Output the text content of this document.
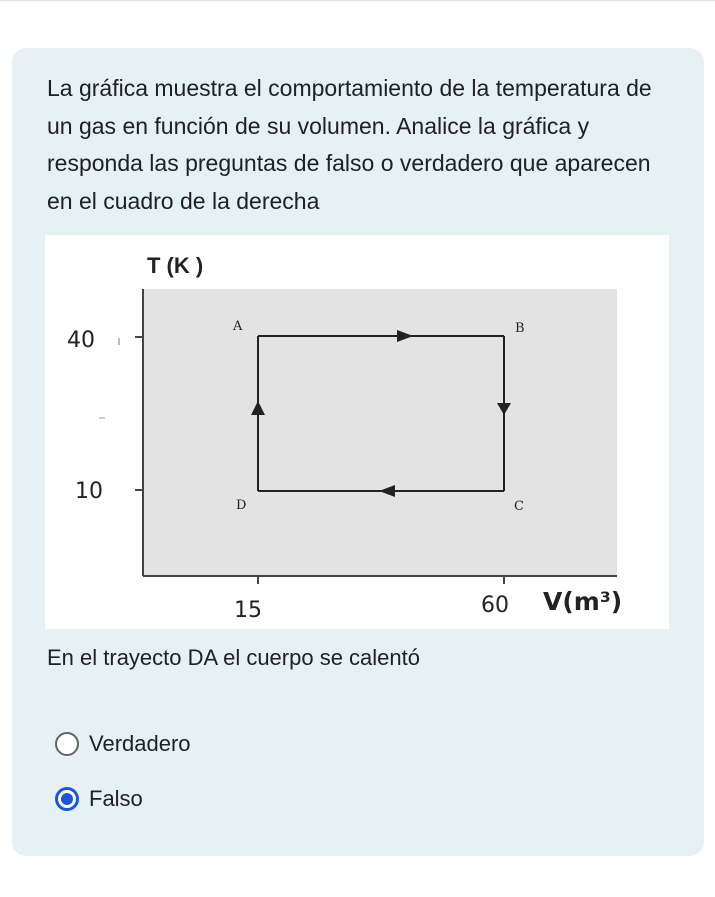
La gráfica muestra el comportamiento de la temperatura de un gas en función de su volumen. Analice la gráfica y responda las preguntas de falso o verdadero que aparecen en el cuadro de la derecha

T (K )
40
10
15	60 V(m³)
A	B
C
D

En el trayecto DA el cuerpo se calentó

Verdadero
Falso
